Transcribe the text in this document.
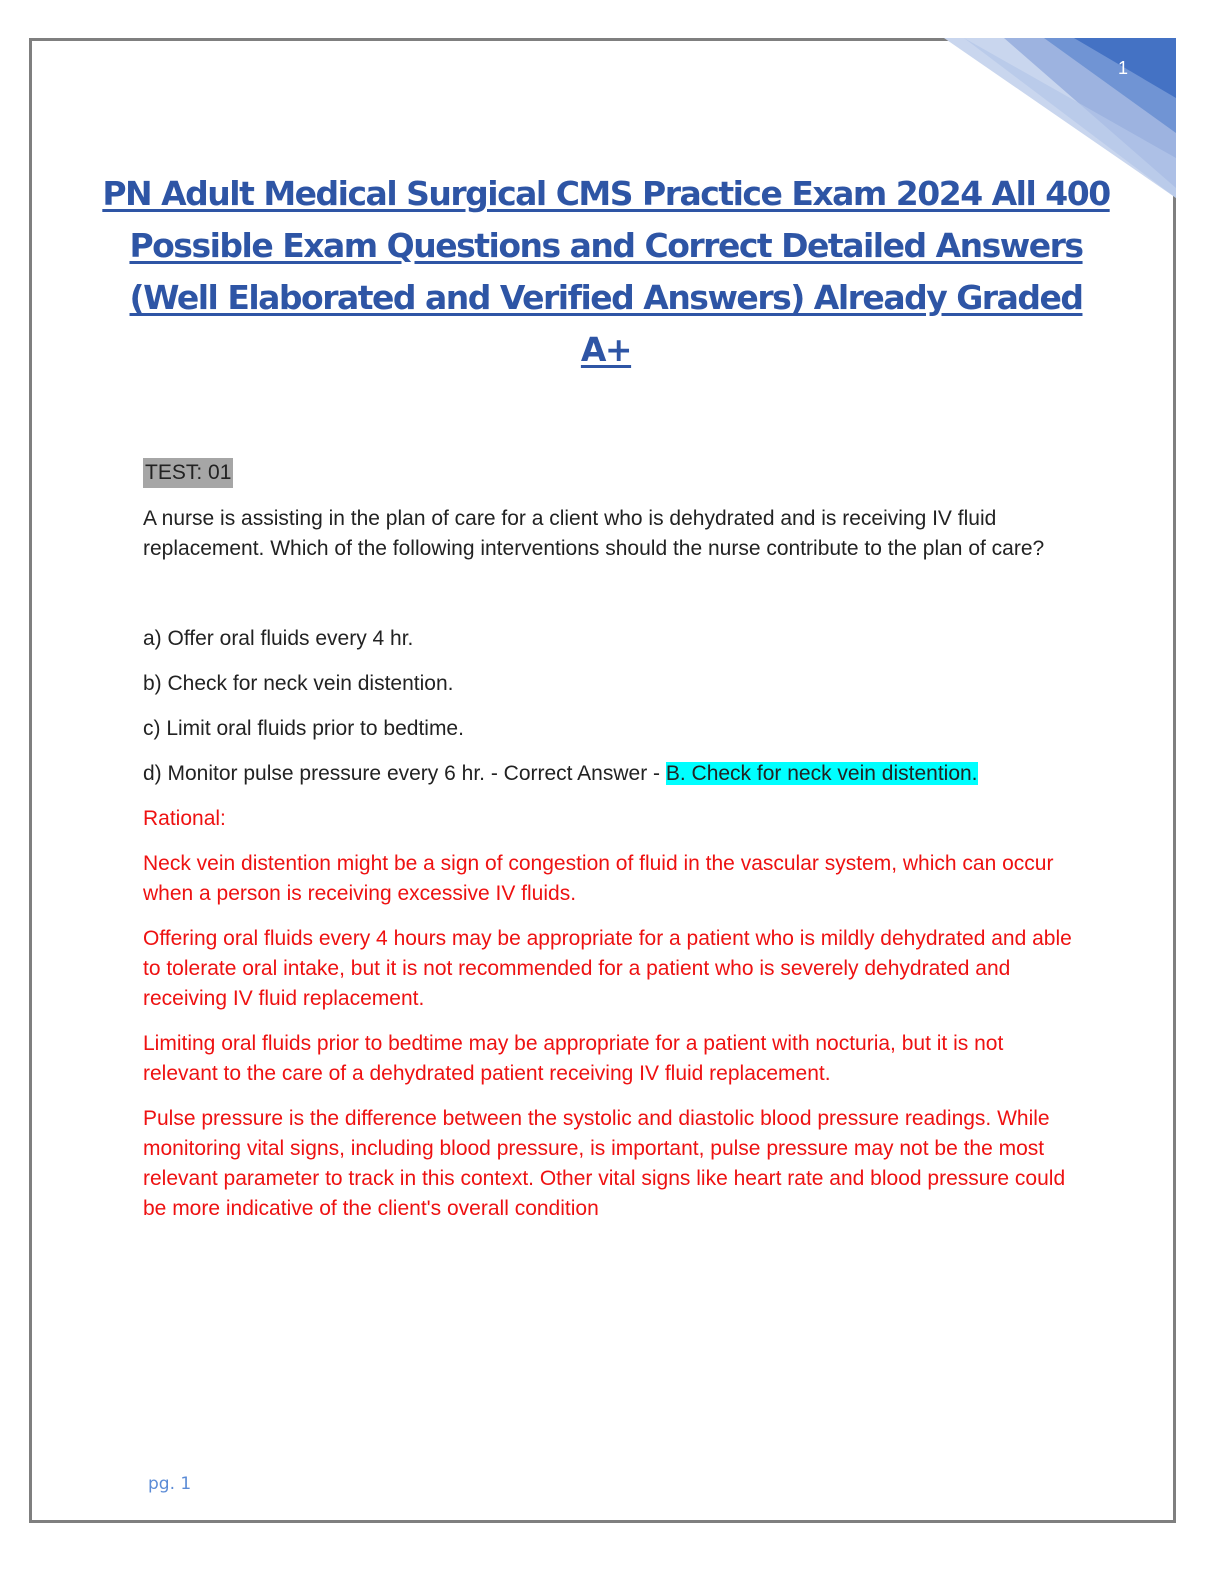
1
PN Adult Medical Surgical CMS Practice Exam 2024 All 400
Possible Exam Questions and Correct Detailed Answers
(Well Elaborated and Verified Answers) Already Graded A+
TEST: 01
A nurse is assisting in the plan of care for a client who is dehydrated and is receiving IV fluid replacement. Which of the following interventions should the nurse contribute to the plan of care?
a) Offer oral fluids every 4 hr.
b) Check for neck vein distention.
c) Limit oral fluids prior to bedtime.
d) Monitor pulse pressure every 6 hr. - Correct Answer - B. Check for neck vein distention.
Rational:
Neck vein distention might be a sign of congestion of fluid in the vascular system, which can occur when a person is receiving excessive IV fluids.
Offering oral fluids every 4 hours may be appropriate for a patient who is mildly dehydrated and able to tolerate oral intake, but it is not recommended for a patient who is severely dehydrated and receiving IV fluid replacement.
Limiting oral fluids prior to bedtime may be appropriate for a patient with nocturia, but it is not relevant to the care of a dehydrated patient receiving IV fluid replacement.
Pulse pressure is the difference between the systolic and diastolic blood pressure readings. While monitoring vital signs, including blood pressure, is important, pulse pressure may not be the most relevant parameter to track in this context. Other vital signs like heart rate and blood pressure could be more indicative of the client's overall condition
pg. 1
